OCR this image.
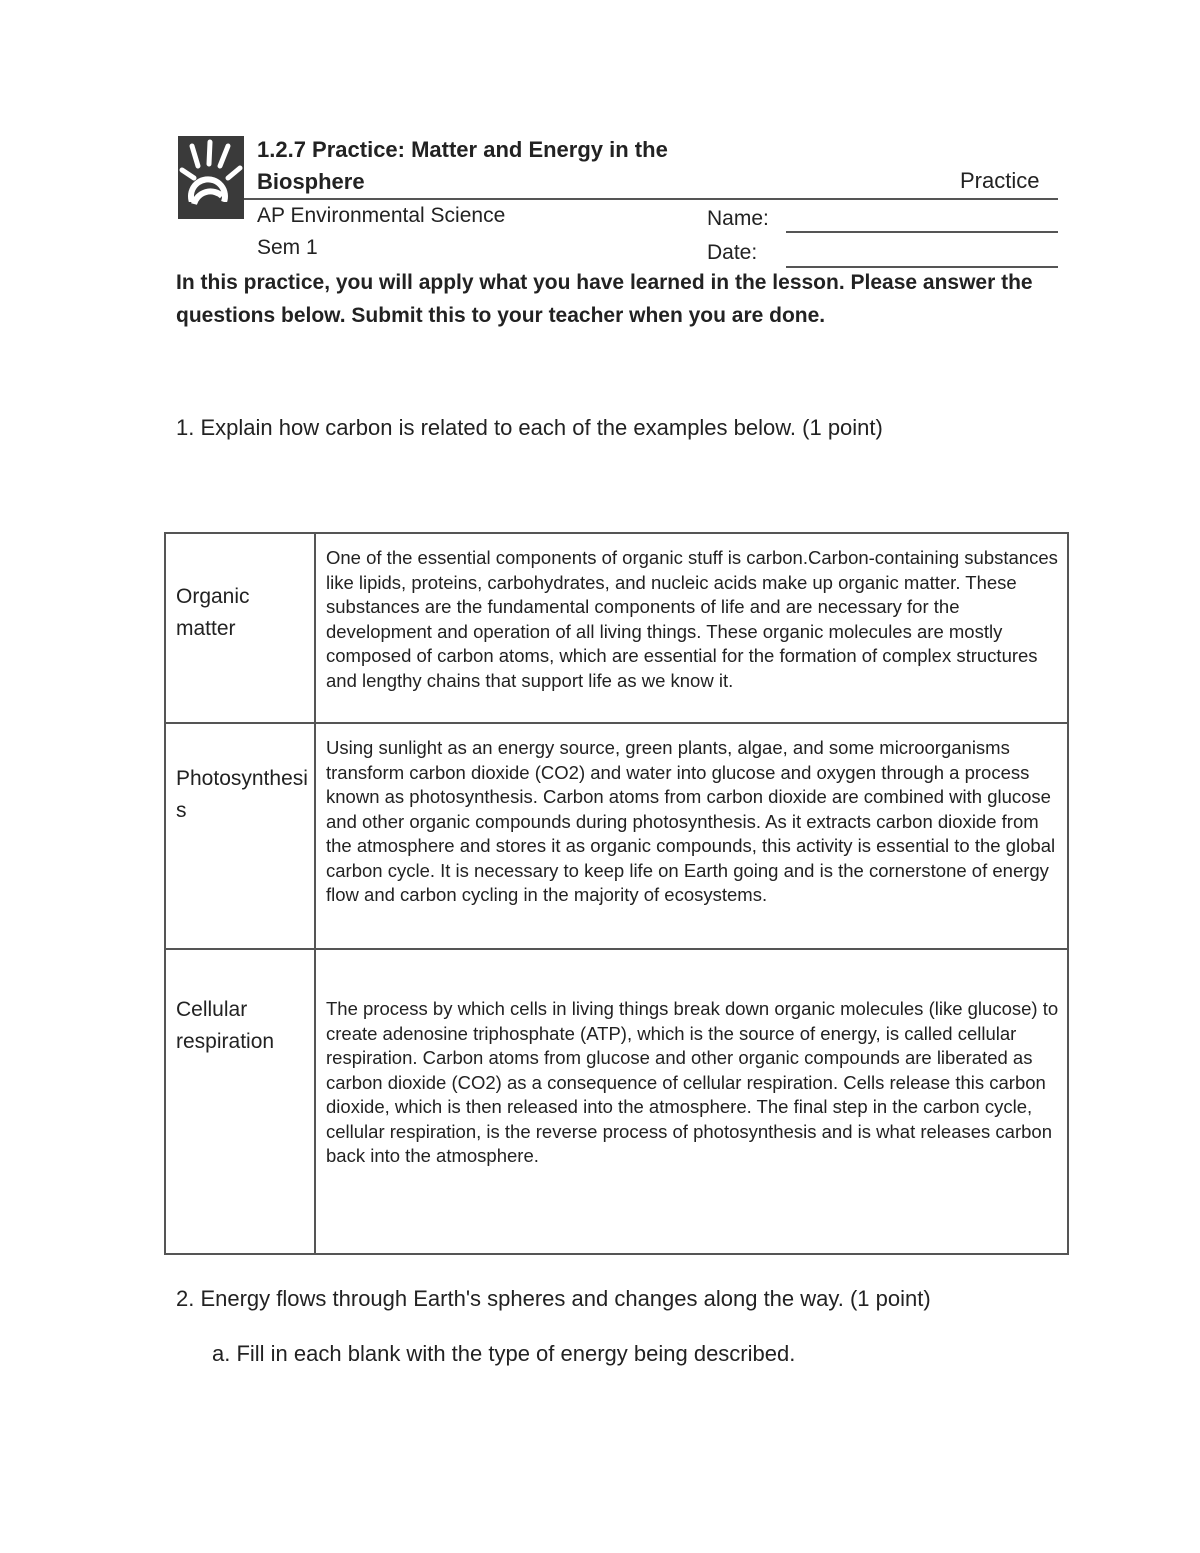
1.2.7 Practice: Matter and Energy in the Biosphere	Practice
AP Environmental Science Sem 1
Name:
Date:
In this practice, you will apply what you have learned in the lesson. Please answer the questions below. Submit this to your teacher when you are done.
1. Explain how carbon is related to each of the examples below. (1 point)
Organic matter	One of the essential components of organic stuff is carbon.Carbon-containing substances like lipids, proteins, carbohydrates, and nucleic acids make up organic matter. These substances are the fundamental components of life and are necessary for the development and operation of all living things. These organic molecules are mostly composed of carbon atoms, which are essential for the formation of complex structures and lengthy chains that support life as we know it.

Photosynthesis	Using sunlight as an energy source, green plants, algae, and some microorganisms transform carbon dioxide (CO2) and water into glucose and oxygen through a process known as photosynthesis. Carbon atoms from carbon dioxide are combined with glucose and other organic compounds during photosynthesis. As it extracts carbon dioxide from the atmosphere and stores it as organic compounds, this activity is essential to the global carbon cycle. It is necessary to keep life on Earth going and is the cornerstone of energy flow and carbon cycling in the majority of ecosystems.

Cellular respiration	The process by which cells in living things break down organic molecules (like glucose) to create adenosine triphosphate (ATP), which is the source of energy, is called cellular respiration. Carbon atoms from glucose and other organic compounds are liberated as carbon dioxide (CO2) as a consequence of cellular respiration. Cells release this carbon dioxide, which is then released into the atmosphere. The final step in the carbon cycle, cellular respiration, is the reverse process of photosynthesis and is what releases carbon back into the atmosphere.
2. Energy flows through Earth's spheres and changes along the way. (1 point)
a. Fill in each blank with the type of energy being described.
